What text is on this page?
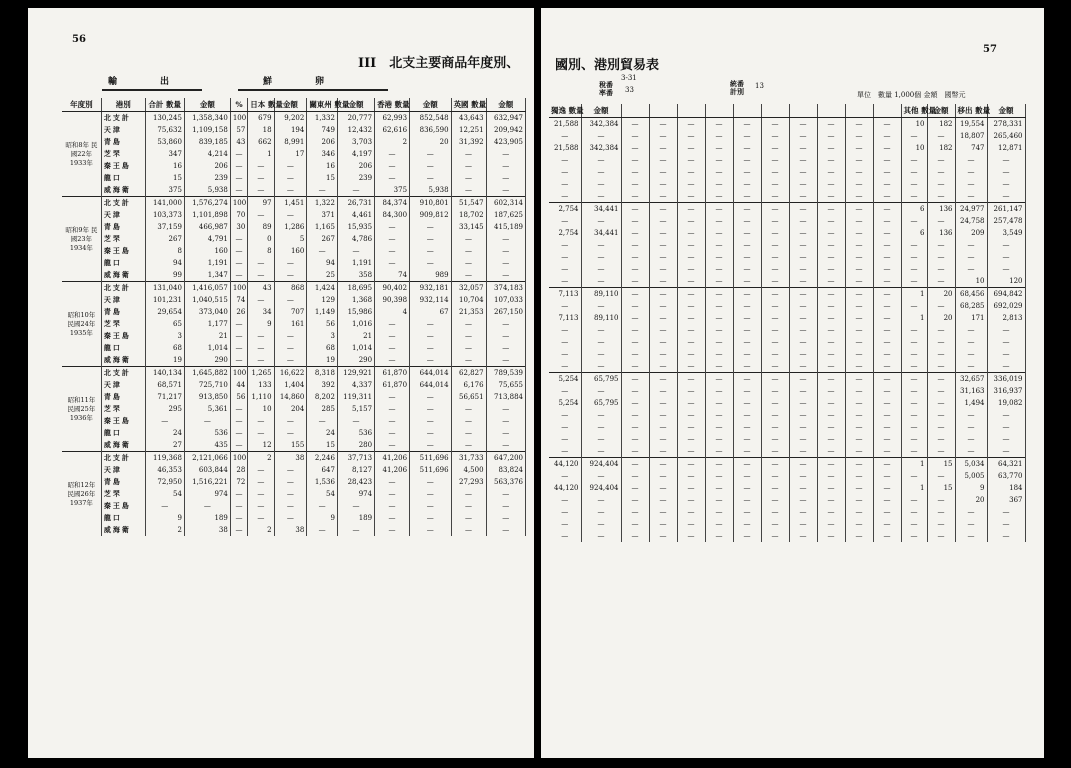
56
III　北支主要商品年度別、
輸　　　出	鮮　　　卵
年度別	港別	合計 數量	金額	%	日本 數量	金額	關東州 數量	金額	香港 數量	金額	英國 數量	金額
昭和8年 民國22年 1933年	北支計	130,245	1,358,340	100	679	9,202	1,332	20,777	62,993	852,548	43,643	632,947
	天津	75,632	1,109,158	57	18	194	749	12,432	62,616	836,590	12,251	209,942
	青島	53,860	839,185	43	662	8,991	206	3,703	2	20	31,392	423,905
	芝罘	347	4,214	—	1	17	346	4,197	—	—	—	—
	秦王島	16	206	—	—	—	16	206	—	—	—	—
	龍口	15	239	—	—	—	15	239	—	—	—	—
	威海衛	375	5,938	—	—	—	—	—	375	5,938	—	—
昭和9年 民國23年 1934年	北支計	141,000	1,576,274	100	97	1,451	1,322	26,731	84,374	910,801	51,547	602,314
	天津	103,373	1,101,898	70	—	—	371	4,461	84,300	909,812	18,702	187,625
	青島	37,159	466,987	30	89	1,286	1,165	15,935	—	—	33,145	415,189
	芝罘	267	4,791	—	0	5	267	4,786	—	—	—	—
	秦王島	8	160	—	8	160	—	—	—	—	—	—
	龍口	94	1,191	—	—	—	94	1,191	—	—	—	—
	威海衛	99	1,347	—	—	—	25	358	74	989	—	—
昭和10年 民國24年 1935年	北支計	131,040	1,416,057	100	43	868	1,424	18,695	90,402	932,181	32,057	374,183
	天津	101,231	1,040,515	74	—	—	129	1,368	90,398	932,114	10,704	107,033
	青島	29,654	373,040	26	34	707	1,149	15,986	4	67	21,353	267,150
	芝罘	65	1,177	—	9	161	56	1,016	—	—	—	—
	秦王島	3	21	—	—	—	3	21	—	—	—	—
	龍口	68	1,014	—	—	—	68	1,014	—	—	—	—
	威海衛	19	290	—	—	—	19	290	—	—	—	—
昭和11年 民國25年 1936年	北支計	140,134	1,645,882	100	1,265	16,622	8,318	129,921	61,870	644,014	62,827	789,539
	天津	68,571	725,710	44	133	1,404	392	4,337	61,870	644,014	6,176	75,655
	青島	71,217	913,850	56	1,110	14,860	8,202	119,311	—	—	56,651	713,884
	芝罘	295	5,361	—	10	204	285	5,157	—	—	—	—
	秦王島	—	—	—	—	—	—	—	—	—	—	—
	龍口	24	536	—	—	—	24	536	—	—	—	—
	威海衛	27	435	—	12	155	15	280	—	—	—	—
昭和12年 民國26年 1937年	北支計	119,368	2,121,066	100	2	38	2,246	37,713	41,206	511,696	31,733	647,200
	天津	46,353	603,844	28	—	—	647	8,127	41,206	511,696	4,500	83,824
	青島	72,950	1,516,221	72	—	—	1,536	28,423	—	—	27,293	563,376
	芝罘	54	974	—	—	—	54	974	—	—	—	—
	秦王島	—	—	—	—	—	—	—	—	—	—	—
	龍口	9	189	—	—	—	9	189	—	—	—	—
	威海衛	2	38	—	2	38	—	—	—	—	—	—
57
國別、港別貿易表
稅番
率番
3-31
33
統番
計別
13
單位　數量 1,000個 金額　國幣元
獨逸 數量	金額											其他 數量	金額	移出 數量	金額
21,588	342,384	—	—	—	—	—	—	—	—	—	—	10	182	19,554	278,331
—	—	—	—	—	—	—	—	—	—	—	—	—	—	18,807	265,460
21,588	342,384	—	—	—	—	—	—	—	—	—	—	10	182	747	12,871
—	—	—	—	—	—	—	—	—	—	—	—	—	—	—	—
—	—	—	—	—	—	—	—	—	—	—	—	—	—	—	—
—	—	—	—	—	—	—	—	—	—	—	—	—	—	—	—
—	—	—	—	—	—	—	—	—	—	—	—	—	—	—	—
2,754	34,441	—	—	—	—	—	—	—	—	—	—	6	136	24,977	261,147
—	—	—	—	—	—	—	—	—	—	—	—	—	—	24,758	257,478
2,754	34,441	—	—	—	—	—	—	—	—	—	—	6	136	209	3,549
—	—	—	—	—	—	—	—	—	—	—	—	—	—	—	—
—	—	—	—	—	—	—	—	—	—	—	—	—	—	—	—
—	—	—	—	—	—	—	—	—	—	—	—	—	—	—	—
—	—	—	—	—	—	—	—	—	—	—	—	—	—	10	120
7,113	89,110	—	—	—	—	—	—	—	—	—	—	1	20	68,456	694,842
—	—	—	—	—	—	—	—	—	—	—	—	—	—	68,285	692,029
7,113	89,110	—	—	—	—	—	—	—	—	—	—	1	20	171	2,813
—	—	—	—	—	—	—	—	—	—	—	—	—	—	—	—
—	—	—	—	—	—	—	—	—	—	—	—	—	—	—	—
—	—	—	—	—	—	—	—	—	—	—	—	—	—	—	—
—	—	—	—	—	—	—	—	—	—	—	—	—	—	—	—
5,254	65,795	—	—	—	—	—	—	—	—	—	—	—	—	32,657	336,019
—	—	—	—	—	—	—	—	—	—	—	—	—	—	31,163	316,937
5,254	65,795	—	—	—	—	—	—	—	—	—	—	—	—	1,494	19,082
—	—	—	—	—	—	—	—	—	—	—	—	—	—	—	—
—	—	—	—	—	—	—	—	—	—	—	—	—	—	—	—
—	—	—	—	—	—	—	—	—	—	—	—	—	—	—	—
—	—	—	—	—	—	—	—	—	—	—	—	—	—	—	—
44,120	924,404	—	—	—	—	—	—	—	—	—	—	1	15	5,034	64,321
—	—	—	—	—	—	—	—	—	—	—	—	—	—	5,005	63,770
44,120	924,404	—	—	—	—	—	—	—	—	—	—	1	15	9	184
—	—	—	—	—	—	—	—	—	—	—	—	—	—	20	367
—	—	—	—	—	—	—	—	—	—	—	—	—	—	—	—
—	—	—	—	—	—	—	—	—	—	—	—	—	—	—	—
—	—	—	—	—	—	—	—	—	—	—	—	—	—	—	—
